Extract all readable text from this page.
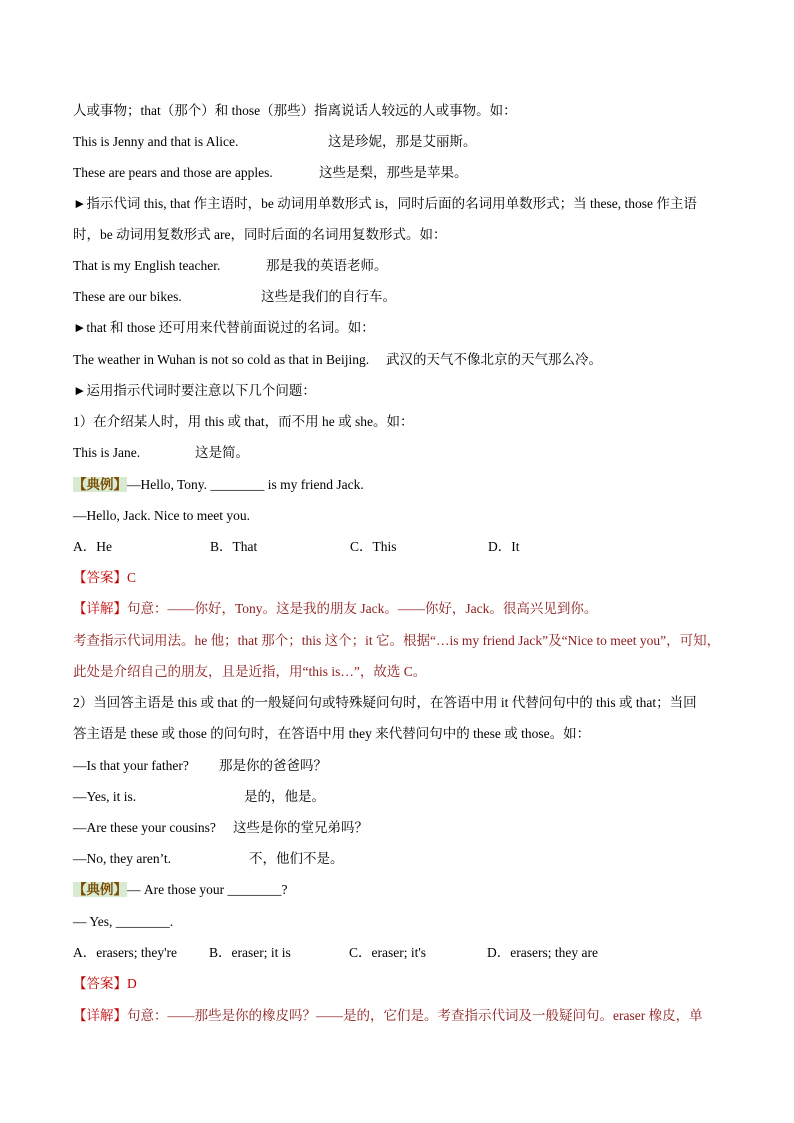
人或事物；that（那个）和 those（那些）指离说话人较远的人或事物。如：
This is Jenny and that is Alice.	这是珍妮，那是艾丽斯。
These are pears and those are apples.	这些是梨，那些是苹果。
►指示代词 this, that 作主语时，be 动词用单数形式 is，同时后面的名词用单数形式；当 these, those 作主语
时，be 动词用复数形式 are，同时后面的名词用复数形式。如：
That is my English teacher.	那是我的英语老师。
These are our bikes.	这些是我们的自行车。
►that 和 those 还可用来代替前面说过的名词。如：
The weather in Wuhan is not so cold as that in Beijing. 武汉的天气不像北京的天气那么冷。
►运用指示代词时要注意以下几个问题：
1）在介绍某人时，用 this 或 that，而不用 he 或 she。如：
This is Jane.	这是简。
【典例】—Hello, Tony. ________ is my friend Jack.
—Hello, Jack. Nice to meet you.
A．He	B．That	C．This	D．It
【答案】C
【详解】句意：——你好，Tony。这是我的朋友 Jack。——你好，Jack。很高兴见到你。
考查指示代词用法。he 他；that 那个；this 这个；it 它。根据“…is my friend Jack”及“Nice to meet you”，可知，
此处是介绍自己的朋友，且是近指，用“this is…”，故选 C。
2）当回答主语是 this 或 that 的一般疑问句或特殊疑问句时，在答语中用 it 代替问句中的 this 或 that；当回
答主语是 these 或 those 的问句时，在答语中用 they 来代替问句中的 these 或 those。如：
—Is that your father? 那是你的爸爸吗？
—Yes, it is.	是的，他是。
—Are these your cousins? 这些是你的堂兄弟吗？
—No, they aren’t.	不，他们不是。
【典例】— Are those your ________?
— Yes, ________.
A．erasers; they're B．eraser; it is	C．eraser; it's	D．erasers; they are
【答案】D
【详解】句意：——那些是你的橡皮吗？——是的，它们是。考查指示代词及一般疑问句。eraser 橡皮，单
